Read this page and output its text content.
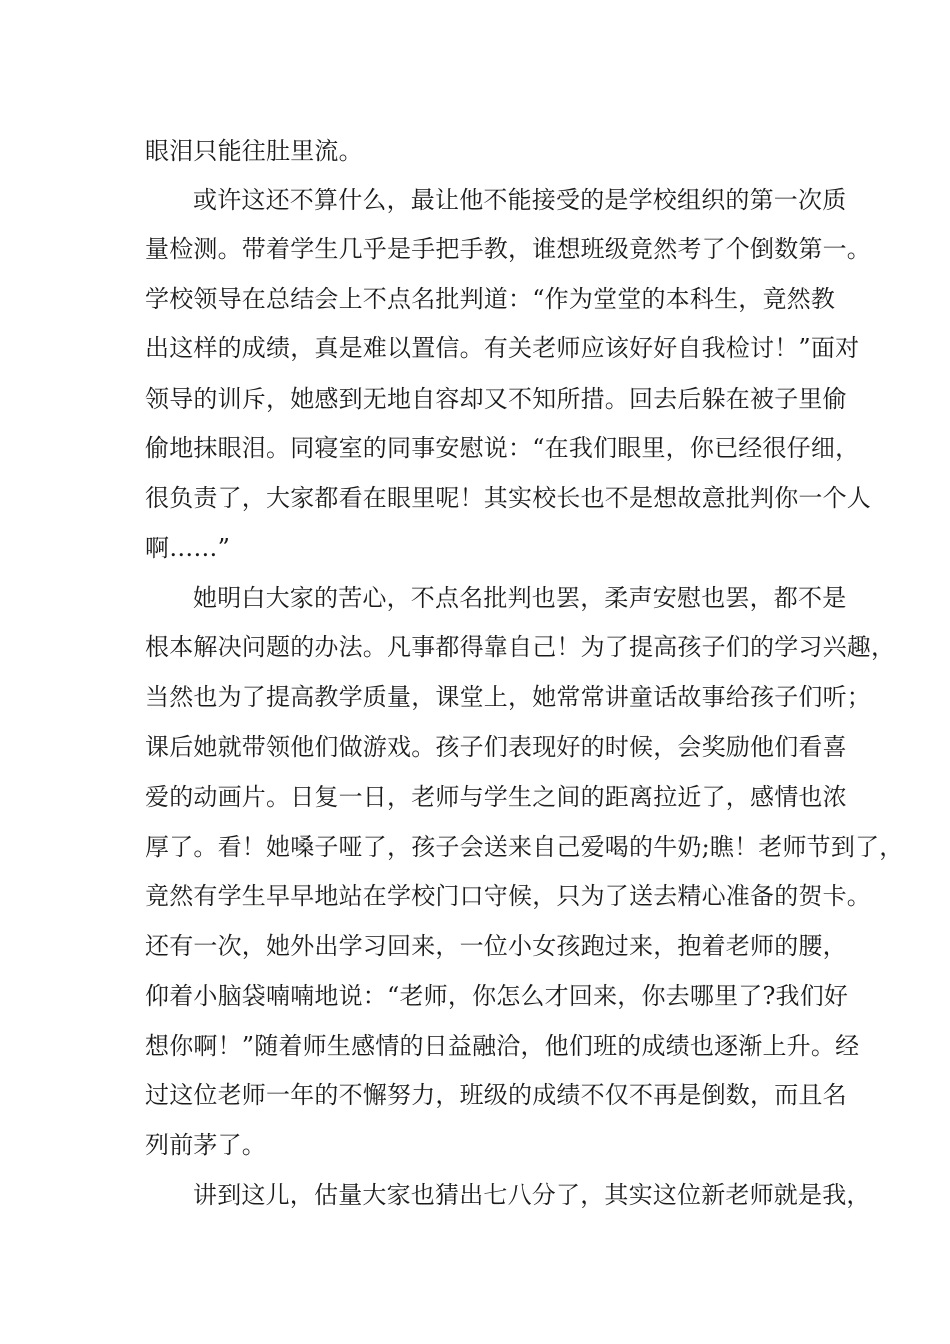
眼泪只能往肚里流。

或许这还不算什么，最让他不能接受的是学校组织的第一次质

量检测。带着学生几乎是手把手教，谁想班级竟然考了个倒数第一。

学校领导在总结会上不点名批判道：“作为堂堂的本科生，竟然教

出这样的成绩，真是难以置信。有关老师应该好好自我检讨！”面对

领导的训斥，她感到无地自容却又不知所措。回去后躲在被子里偷

偷地抹眼泪。同寝室的同事安慰说：“在我们眼里，你已经很仔细，

很负责了，大家都看在眼里呢！其实校长也不是想故意批判你一个人

啊……”

她明白大家的苦心，不点名批判也罢，柔声安慰也罢，都不是

根本解决问题的办法。凡事都得靠自己！为了提高孩子们的学习兴趣，

当然也为了提高教学质量，课堂上，她常常讲童话故事给孩子们听；

课后她就带领他们做游戏。孩子们表现好的时候，会奖励他们看喜

爱的动画片。日复一日，老师与学生之间的距离拉近了，感情也浓

厚了。看！她嗓子哑了，孩子会送来自己爱喝的牛奶;瞧！老师节到了，

竟然有学生早早地站在学校门口守候，只为了送去精心准备的贺卡。

还有一次，她外出学习回来，一位小女孩跑过来，抱着老师的腰，

仰着小脑袋喃喃地说：“老师，你怎么才回来，你去哪里了?我们好

想你啊！”随着师生感情的日益融洽，他们班的成绩也逐渐上升。经

过这位老师一年的不懈努力，班级的成绩不仅不再是倒数，而且名

列前茅了。

讲到这儿，估量大家也猜出七八分了，其实这位新老师就是我，
